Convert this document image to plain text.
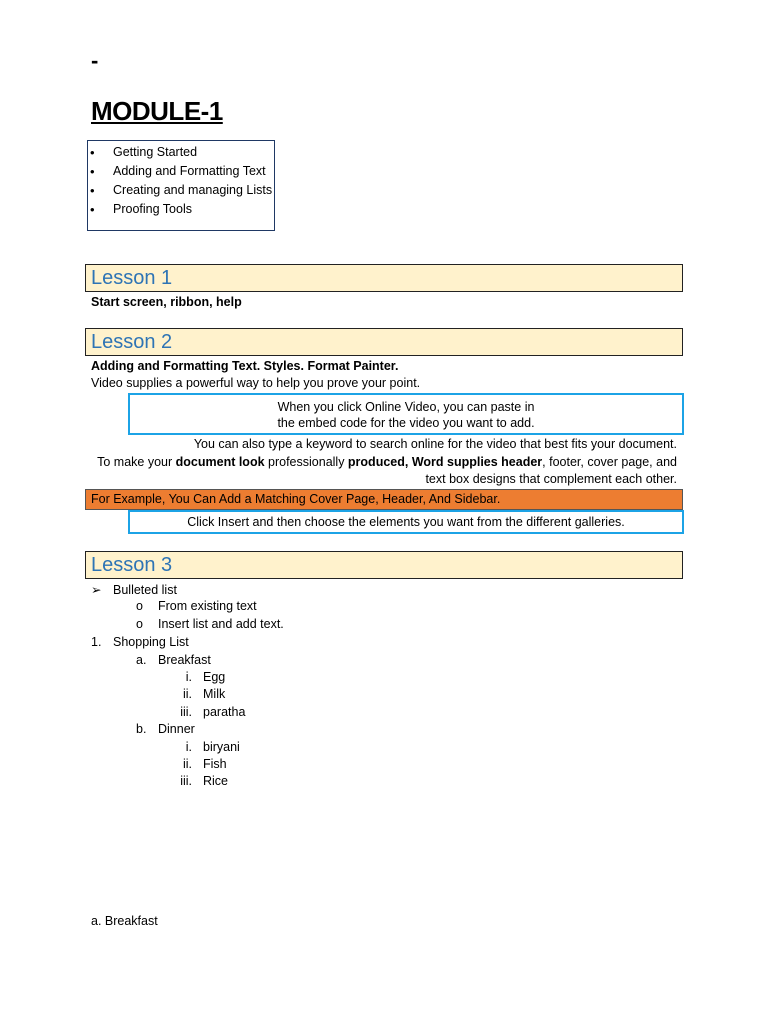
-
MODULE-1
• Getting Started
• Adding and Formatting Text
• Creating and managing Lists
• Proofing Tools
Lesson 1
Start screen, ribbon, help
Lesson 2
Adding and Formatting Text. Styles. Format Painter.
Video supplies a powerful way to help you prove your point.
When you click Online Video, you can paste in
the embed code for the video you want to add.
You can also type a keyword to search online for the video that best fits your document.
To make your document look professionally produced, Word supplies header, footer, cover page, and
text box designs that complement each other.
For Example, You Can Add a Matching Cover Page, Header, And Sidebar.
Click Insert and then choose the elements you want from the different galleries.
Lesson 3
➢ Bulleted list
o From existing text
o Insert list and add text.
1. Shopping List
a. Breakfast
i. Egg
ii. Milk
iii. paratha
b. Dinner
i. biryani
ii. Fish
iii. Rice
a. Breakfast
